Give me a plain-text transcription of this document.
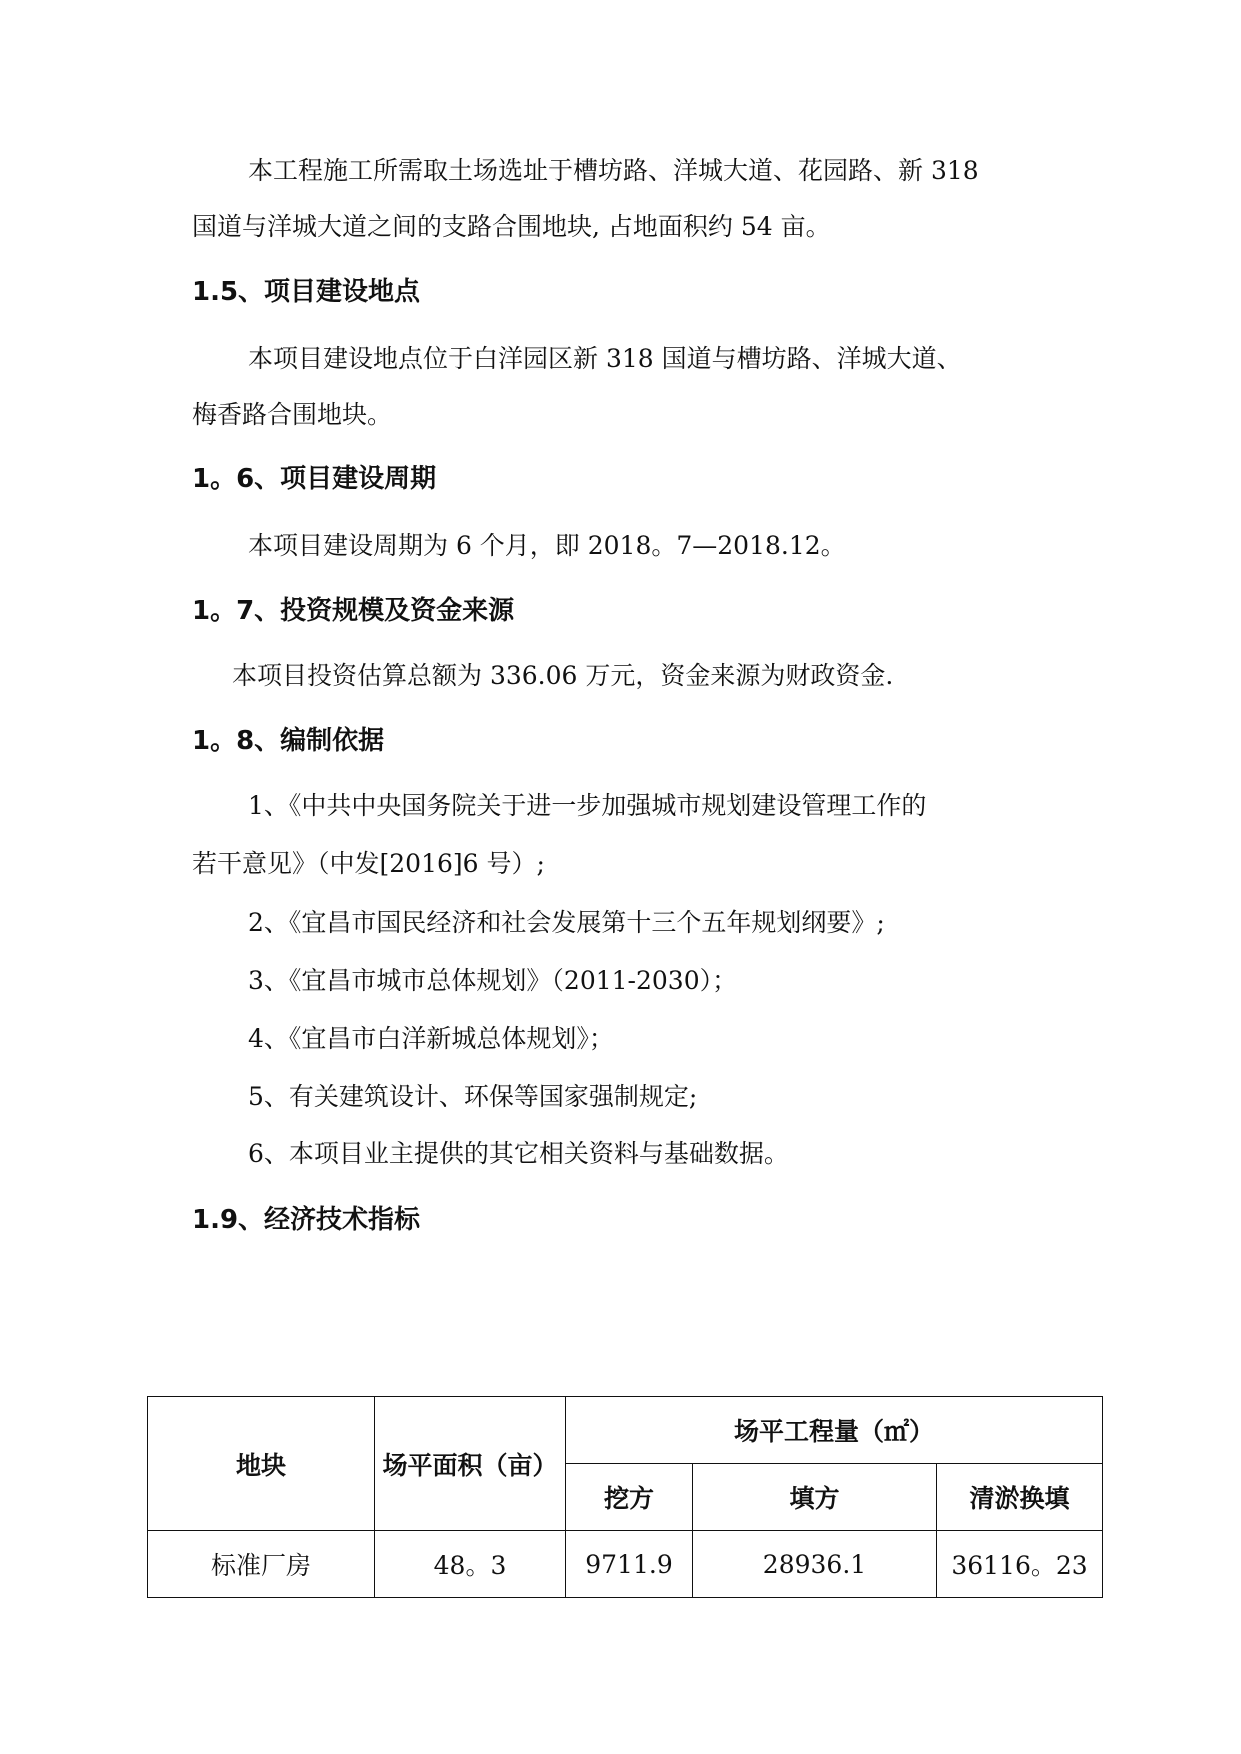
本工程施工所需取土场选址于槽坊路、洋城大道、花园路、新 318
国道与洋城大道之间的支路合围地块, 占地面积约 54 亩。
1.5、项目建设地点
本项目建设地点位于白洋园区新 318 国道与槽坊路、洋城大道、
梅香路合围地块。
1。6、项目建设周期
本项目建设周期为 6 个月，即 2018。7—2018.12。
1。7、投资规模及资金来源
本项目投资估算总额为 336.06 万元，资金来源为财政资金.
1。8、编制依据
1、《中共中央国务院关于进一步加强城市规划建设管理工作的
若干意见》（中发[2016]6 号）;
2、《宜昌市国民经济和社会发展第十三个五年规划纲要》;
3、《宜昌市城市总体规划》（2011-2030）；
4、《宜昌市白洋新城总体规划》；
5、有关建筑设计、环保等国家强制规定;
6、本项目业主提供的其它相关资料与基础数据。
1.9、经济技术指标
地块	场平面积（亩）	场平工程量（㎡）		
		挖方	填方	清淤换填
标准厂房	48。3	9711.9	28936.1	36116。23
